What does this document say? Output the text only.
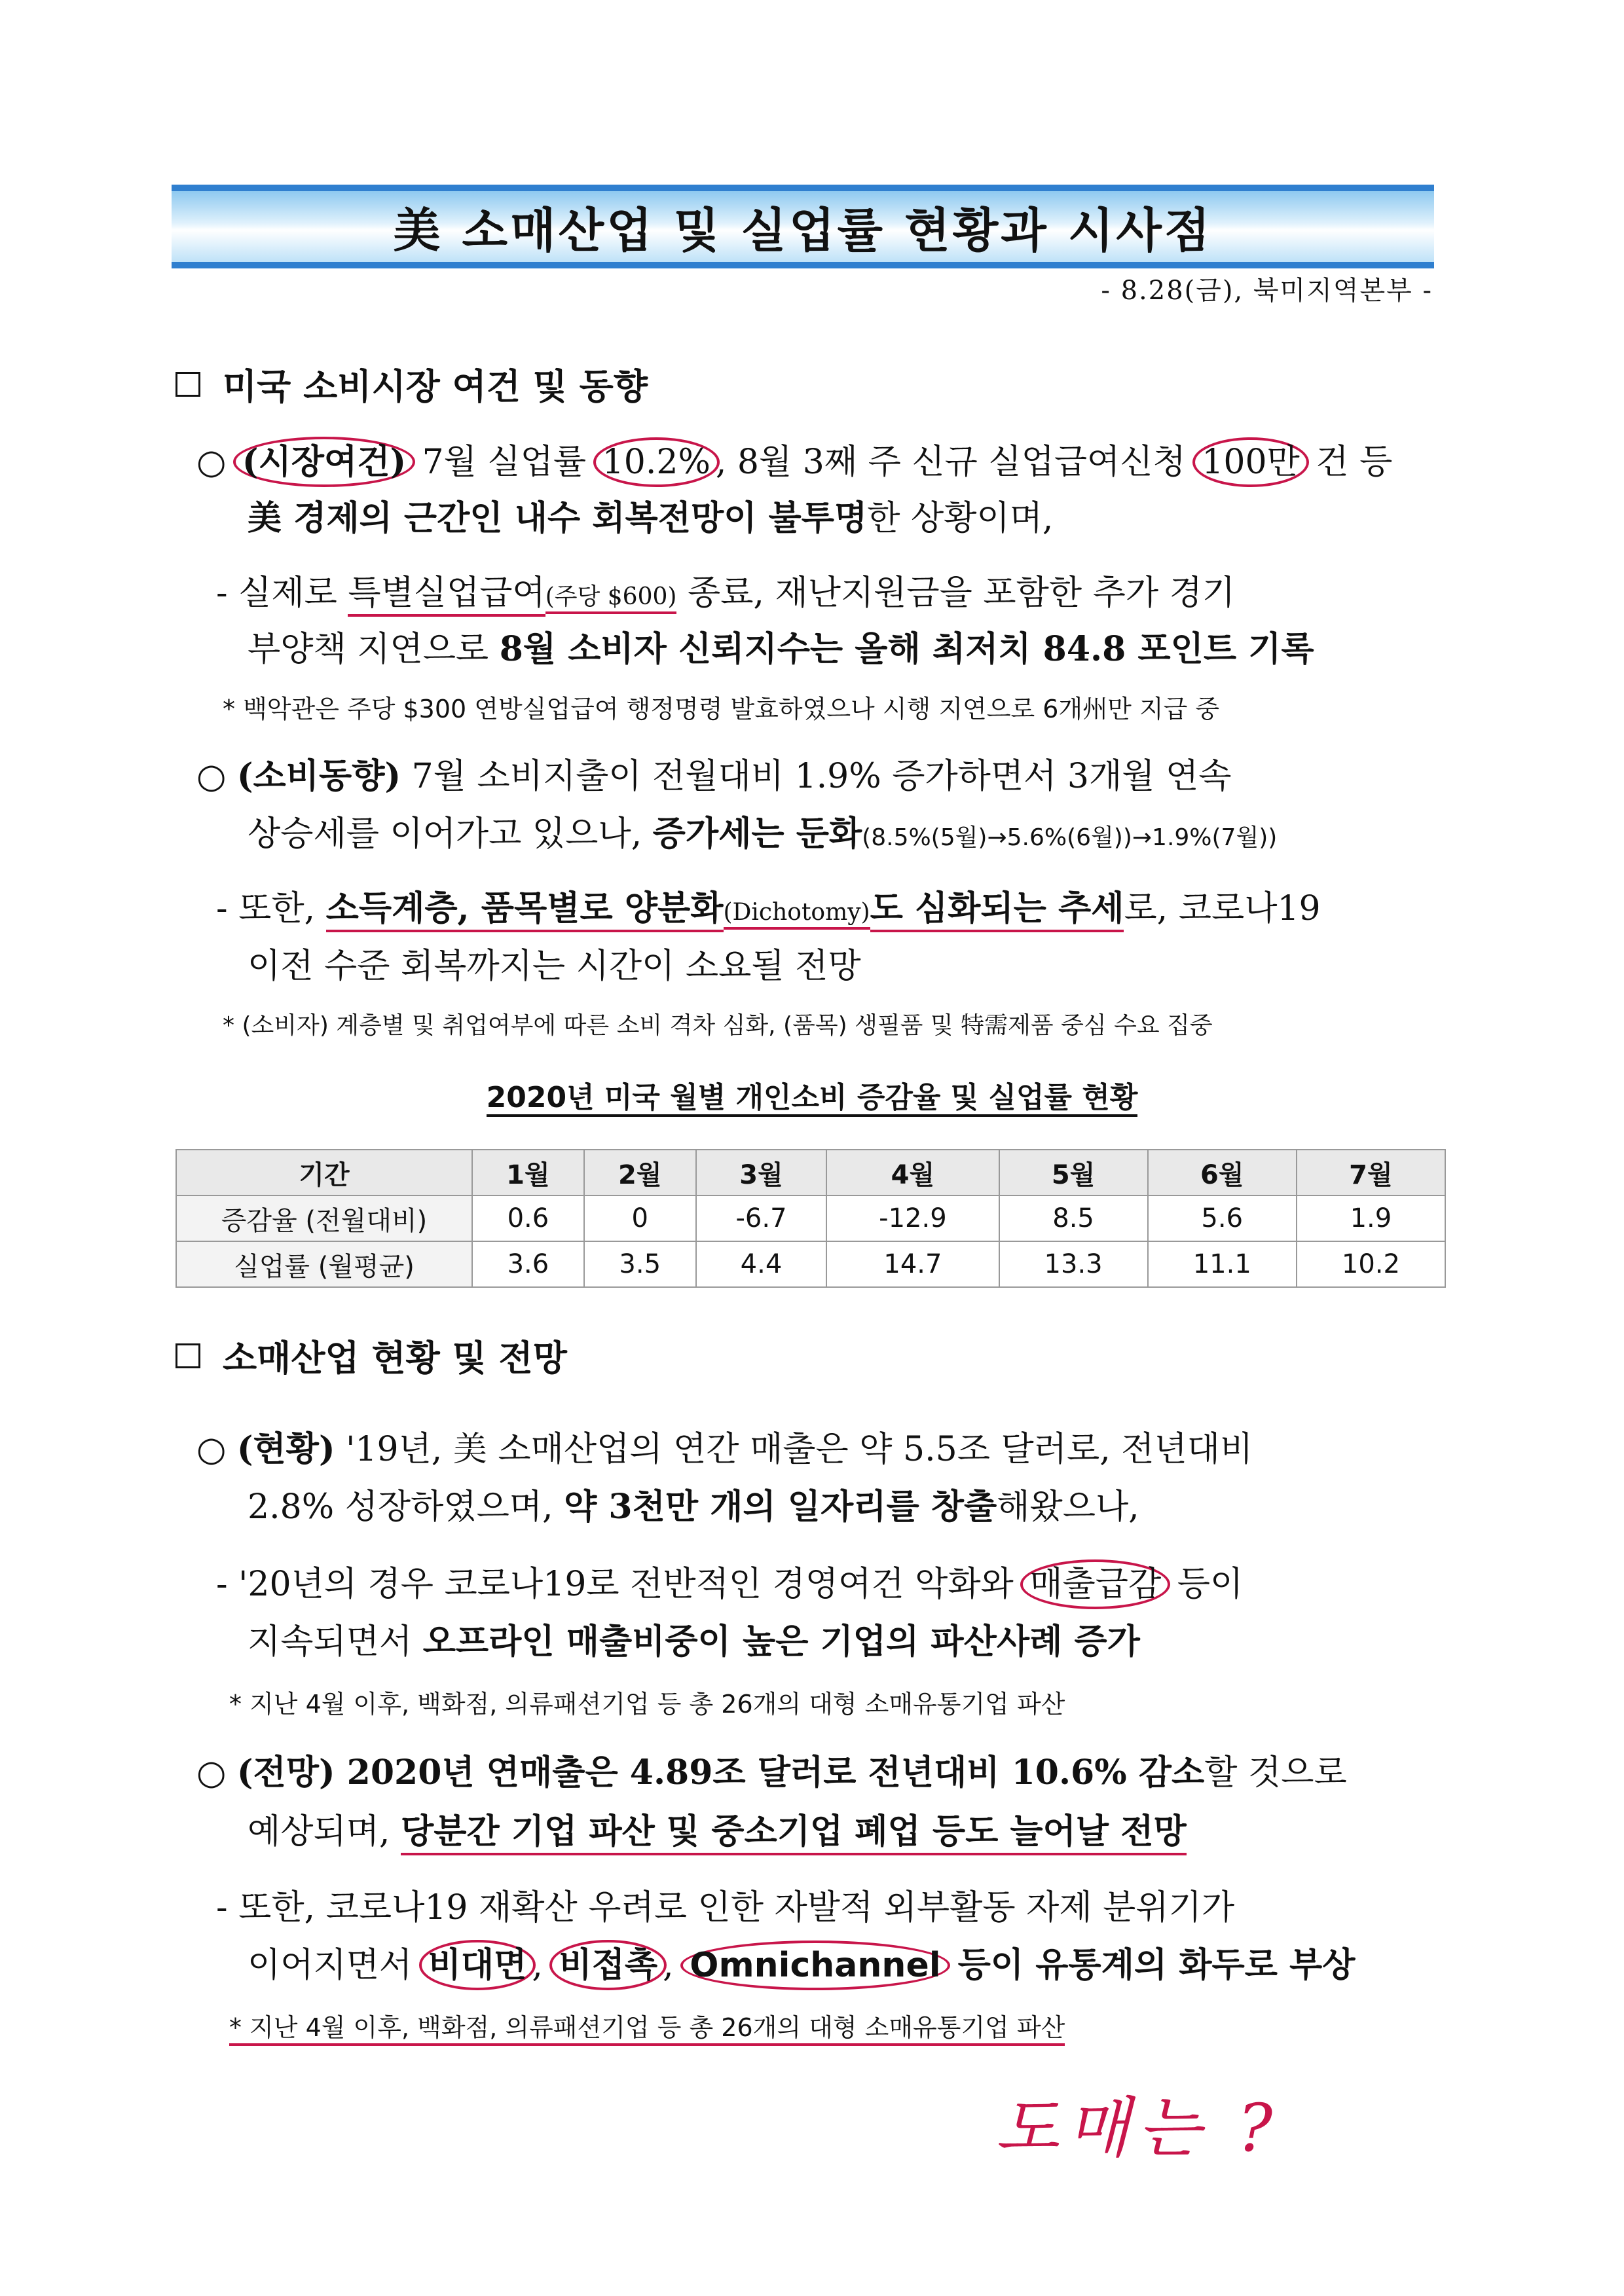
美 소매산업 및 실업률 현황과 시사점
- 8.28(금), 북미지역본부 -
미국 소비시장 여건 및 동향
○ (시장여건) 7월 실업률 10.2% , 8월 3째 주 신규 실업급여신청 100만 건 등
美 경제의 근간인 내수 회복전망이 불투명한 상황이며,
- 실제로 특별실업급여(주당 $600) 종료, 재난지원금을 포함한 추가 경기
부양책 지연으로 8월 소비자 신뢰지수는 올해 최저치 84.8 포인트 기록
* 백악관은 주당 $300 연방실업급여 행정명령 발효하였으나 시행 지연으로 6개州만 지급 중
○ (소비동향) 7월 소비지출이 전월대비 1.9% 증가하면서 3개월 연속
상승세를 이어가고 있으나, 증가세는 둔화(8.5%(5월)→5.6%(6월))→1.9%(7월))
- 또한, 소득계층, 품목별로 양분화(Dichotomy)도 심화되는 추세로, 코로나19
이전 수준 회복까지는 시간이 소요될 전망
* (소비자) 계층별 및 취업여부에 따른 소비 격차 심화, (품목) 생필품 및 特需제품 중심 수요 집중
2020년 미국 월별 개인소비 증감율 및 실업률 현황
기간	1월	2월	3월	4월	5월	6월	7월
증감율 (전월대비)	0.6	0	-6.7	-12.9	8.5	5.6	1.9
실업률 (월평균)	3.6	3.5	4.4	14.7	13.3	11.1	10.2
소매산업 현황 및 전망
○ (현황) '19년, 美 소매산업의 연간 매출은 약 5.5조 달러로, 전년대비
2.8% 성장하였으며, 약 3천만 개의 일자리를 창출해왔으나,
- '20년의 경우 코로나19로 전반적인 경영여건 악화와 매출급감 등이
지속되면서 오프라인 매출비중이 높은 기업의 파산사례 증가
* 지난 4월 이후, 백화점, 의류패션기업 등 총 26개의 대형 소매유통기업 파산
○ (전망) 2020년 연매출은 4.89조 달러로 전년대비 10.6% 감소할 것으로
예상되며, 당분간 기업 파산 및 중소기업 폐업 등도 늘어날 전망
- 또한, 코로나19 재확산 우려로 인한 자발적 외부활동 자제 분위기가
이어지면서 비대면 , 비접촉 , Omnichannel 등이 유통계의 화두로 부상
* 지난 4월 이후, 백화점, 의류패션기업 등 총 26개의 대형 소매유통기업 파산
도매는 ?
